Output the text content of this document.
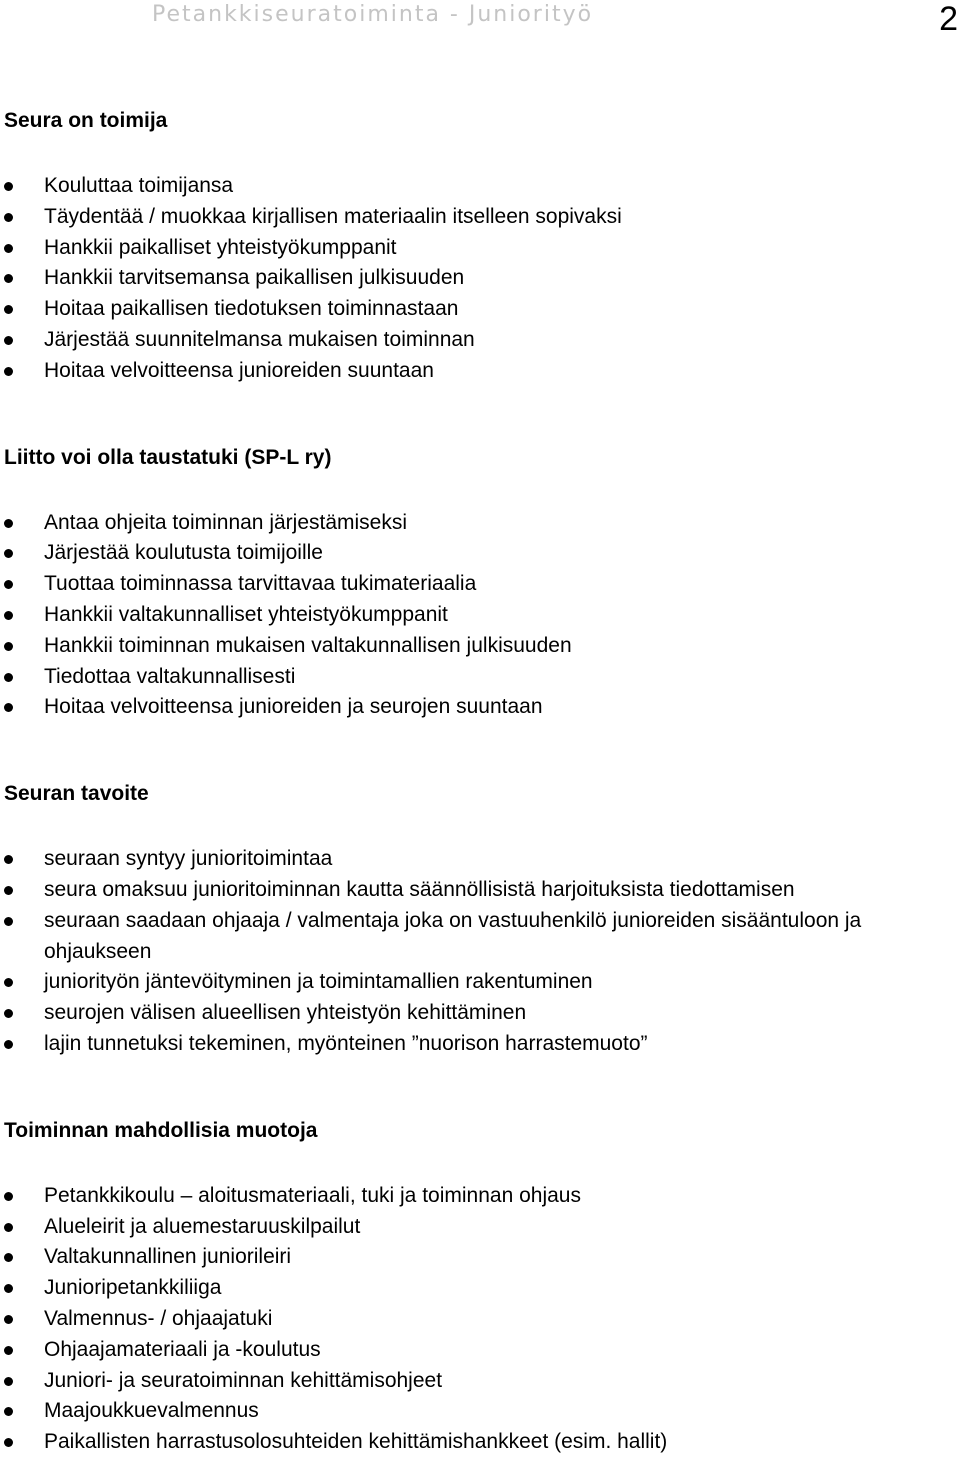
Petankkiseuratoiminta - Juniorityö	2
Seura on toimija
Kouluttaa toimijansa
Täydentää / muokkaa kirjallisen materiaalin itselleen sopivaksi
Hankkii paikalliset yhteistyökumppanit
Hankkii tarvitsemansa paikallisen julkisuuden
Hoitaa paikallisen tiedotuksen toiminnastaan
Järjestää suunnitelmansa mukaisen toiminnan
Hoitaa velvoitteensa junioreiden suuntaan
Liitto voi olla taustatuki (SP-L ry)
Antaa ohjeita toiminnan järjestämiseksi
Järjestää koulutusta toimijoille
Tuottaa toiminnassa tarvittavaa tukimateriaalia
Hankkii valtakunnalliset yhteistyökumppanit
Hankkii toiminnan mukaisen valtakunnallisen julkisuuden
Tiedottaa valtakunnallisesti
Hoitaa velvoitteensa junioreiden ja seurojen suuntaan
Seuran tavoite
seuraan syntyy junioritoimintaa
seura omaksuu junioritoiminnan kautta säännöllisistä harjoituksista tiedottamisen
seuraan saadaan ohjaaja / valmentaja joka on vastuuhenkilö junioreiden sisääntuloon ja ohjaukseen
juniorityön jäntevöityminen ja toimintamallien rakentuminen
seurojen välisen alueellisen yhteistyön kehittäminen
lajin tunnetuksi tekeminen, myönteinen ”nuorison harrastemuoto”
Toiminnan mahdollisia muotoja
Petankkikoulu – aloitusmateriaali, tuki ja toiminnan ohjaus
Alueleirit ja aluemestaruuskilpailut
Valtakunnallinen juniorileiri
Junioripetankkiliiga
Valmennus- / ohjaajatuki
Ohjaajamateriaali ja -koulutus
Juniori- ja seuratoiminnan kehittämisohjeet
Maajoukkuevalmennus
Paikallisten harrastusolosuhteiden kehittämishankkeet (esim. hallit)
